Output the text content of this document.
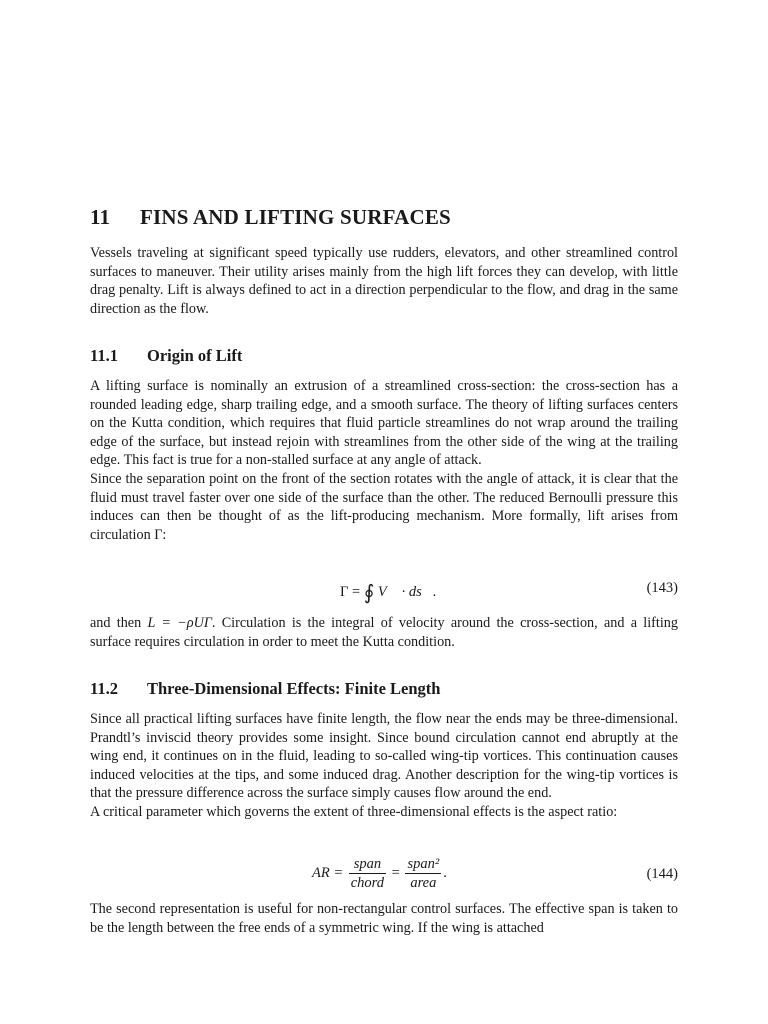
11 FINS AND LIFTING SURFACES

Vessels traveling at significant speed typically use rudders, elevators, and other streamlined control surfaces to maneuver. Their utility arises mainly from the high lift forces they can develop, with little drag penalty. Lift is always defined to act in a direction perpendicular to the flow, and drag in the same direction as the flow.

11.1 Origin of Lift

A lifting surface is nominally an extrusion of a streamlined cross-section: the cross-section has a rounded leading edge, sharp trailing edge, and a smooth surface. The theory of lifting surfaces centers on the Kutta condition, which requires that fluid particle streamlines do not wrap around the trailing edge of the surface, but instead rejoin with streamlines from the other side of the wing at the trailing edge. This fact is true for a non-stalled surface at any angle of attack.

Since the separation point on the front of the section rotates with the angle of attack, it is clear that the fluid must travel faster over one side of the surface than the other. The reduced Bernoulli pressure this induces can then be thought of as the lift-producing mechanism. More formally, lift arises from circulation Γ:

Γ = ∮ V⃗ · ds⃗.	(143)

and then L = −ρUΓ. Circulation is the integral of velocity around the cross-section, and a lifting surface requires circulation in order to meet the Kutta condition.

11.2 Three-Dimensional Effects: Finite Length

Since all practical lifting surfaces have finite length, the flow near the ends may be three-dimensional. Prandtl’s inviscid theory provides some insight. Since bound circulation cannot end abruptly at the wing end, it continues on in the fluid, leading to so-called wing-tip vortices. This continuation causes induced velocities at the tips, and some induced drag. Another description for the wing-tip vortices is that the pressure difference across the surface simply causes flow around the end.

A critical parameter which governs the extent of three-dimensional effects is the aspect ratio:

AR = $\frac{\text{span}}{\text{chord}} = \frac{\text{span²}}{\text{area}}$ .	(144)

The second representation is useful for non-rectangular control surfaces. The effective span is taken to be the length between the free ends of a symmetric wing. If the wing is attached
